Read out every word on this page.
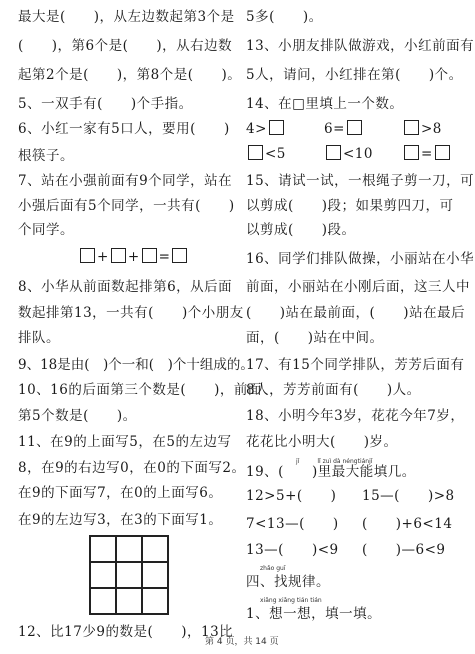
最大是(　　)，从左边数起第3个是
(　　)，第6个是(　　)，从右边数
起第2个是(　　)，第8个是(　　)。
5、一双手有(　　)个手指。
6、小红一家有5口人，要用(　　)
根筷子。
7、站在小强前面有9个同学，站在
小强后面有5个同学，一共有(　　)
个同学。
+ + =
8、小华从前面数起排第6，从后面
数起排第13，一共有(　　)个小朋友
排队。
9、18是由(　)个一和(　)个十组成的。
10、16的后面第三个数是(　　)，前面
第5个数是(　　)。
11、在9的上面写5，在5的左边写
8，在9的右边写0，在0的下面写2。
在9的下面写7，在0的上面写6。
在9的左边写3，在3的下面写1。
12、比17少9的数是(　　)，13比
5多(　　)。
13、小朋友排队做游戏，小红前面有
5人，请问，小红排在第(　　)个。
14、在□里填上一个数。
4>	6=	>8
<5	<10	=
15、请试一试，一根绳子剪一刀，可
以剪成(　　)段；如果剪四刀，可
以剪成(　　)段。
16、同学们排队做操，小丽站在小华
前面，小丽站在小刚后面，这三人中
(　　)站在最前面，(　　)站在最后
面，(　　)站在中间。
17、有15个同学排队，芳芳后面有
8人，芳芳前面有(　　)人。
18、小明今年3岁，花花今年7岁，
花花比小明大(　　)岁。
jǐ　　　lǐ zuì dà néngtiánjǐ
19、(　　)里最大能填几。
12>5+(　　) 15—(　　)>8
7<13—(　　) (　　)+6<14
13—(　　)<9 (　　)—6<9
zhǎo guī
四、找规律。
xiǎng xiǎng tián tián
1、想一想，填一填。
第 4 页，共 14 页
